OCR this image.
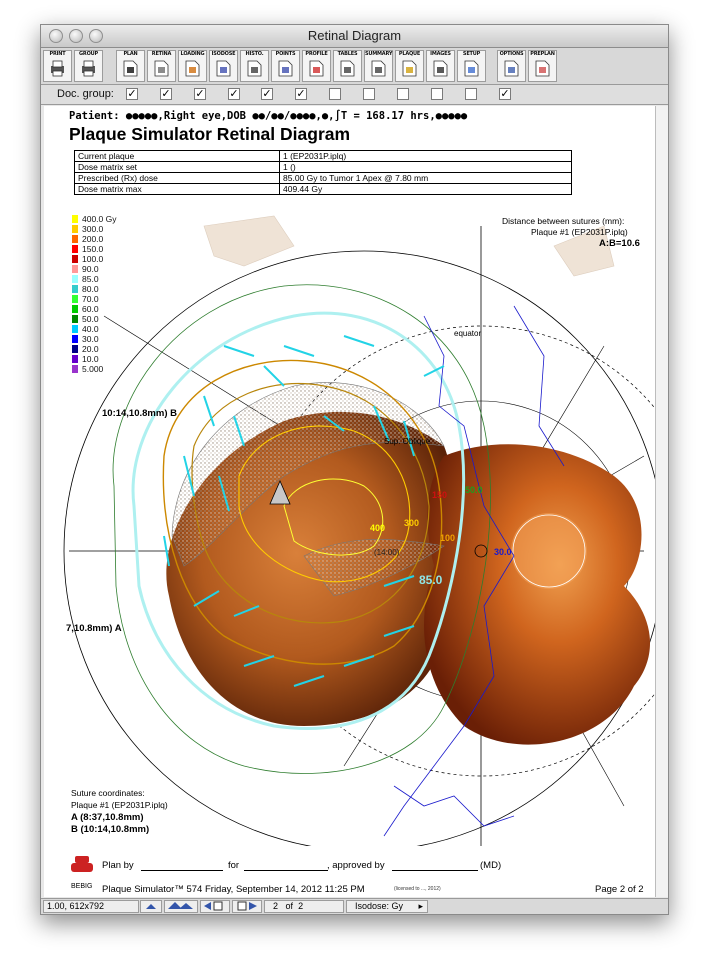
Retinal Diagram
PRINT	GROUP	PLAN	RETINA	LOADING	ISODOSE	HISTO.	POINTS	PROFILE	TABLES	SUMMARY	PLAQUE	IMAGES	SETUP	OPTIONS	PREPLAN
Doc. group: ✓ ✓ ✓ ✓ ✓ ✓	✓
Patient: ●●●●●,Right eye,DOB ●●/●●/●●●●,●,∫T = 168.17 hrs,●●●●●
Plaque Simulator Retinal Diagram
Current plaque	1 (EP2031P.iplq)
Dose matrix set	1 ()
Prescribed (Rx) dose	85.00 Gy to Tumor 1 Apex @ 7.80 mm
Dose matrix max	409.44 Gy
equator
Sup. Oblique
10:14,10.8mm) B
7,10.8mm) A
(14:00)
150 50.0
400 300
100
85.0
30.0
400.0 Gy
300.0
200.0
150.0
100.0
90.0
85.0
80.0
70.0
60.0
50.0
40.0
30.0
20.0
10.0
5.000
Distance between sutures (mm):
Plaque #1 (EP2031P.iplq)
A:B=10.6
Suture coordinates:
Plaque #1 (EP2031P.iplq)
A (8:37,10.8mm)
B (10:14,10.8mm)
BEBIG
Plan by	for	, approved by	(MD)
Plaque Simulator™ 574 Friday, September 14, 2012 11:25 PM	(licensed to ..., 2012)	Page 2 of 2
1.00, 612x792	2 of 2	Isodose: Gy ▸
